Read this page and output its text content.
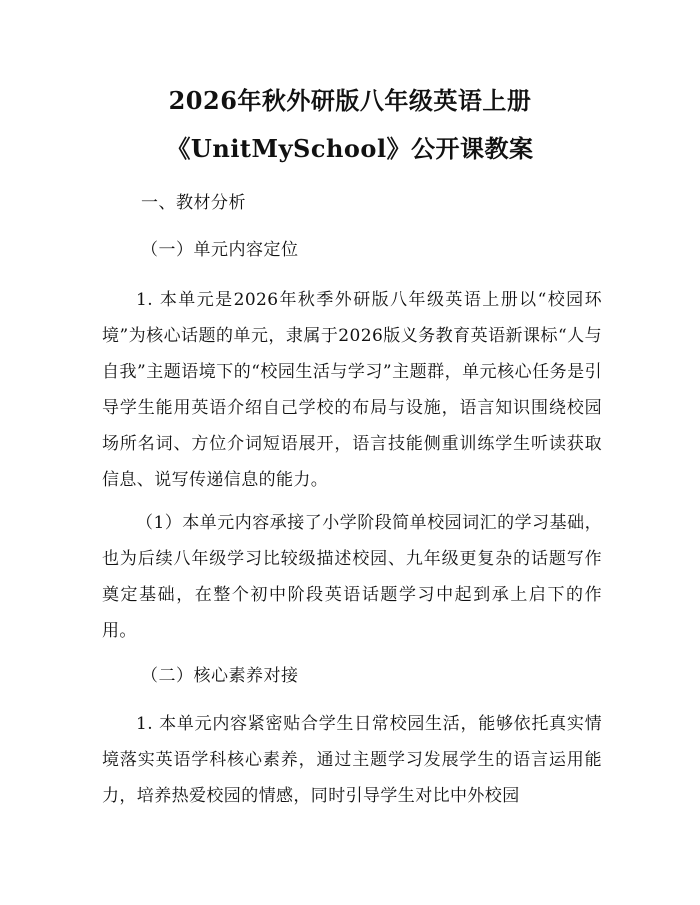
2026年秋外研版八年级英语上册
《UnitMySchool》公开课教案
一、教材分析
（一）单元内容定位
1. 本单元是2026年秋季外研版八年级英语上册以“校园环境”为核心话题的单元，隶属于2026版义务教育英语新课标“人与自我”主题语境下的“校园生活与学习”主题群，单元核心任务是引导学生能用英语介绍自己学校的布局与设施，语言知识围绕校园场所名词、方位介词短语展开，语言技能侧重训练学生听读获取信息、说写传递信息的能力。
（1）本单元内容承接了小学阶段简单校园词汇的学习基础，也为后续八年级学习比较级描述校园、九年级更复杂的话题写作奠定基础，在整个初中阶段英语话题学习中起到承上启下的作用。
（二）核心素养对接
1. 本单元内容紧密贴合学生日常校园生活，能够依托真实情境落实英语学科核心素养，通过主题学习发展学生的语言运用能力，培养热爱校园的情感，同时引导学生对比中外校园
